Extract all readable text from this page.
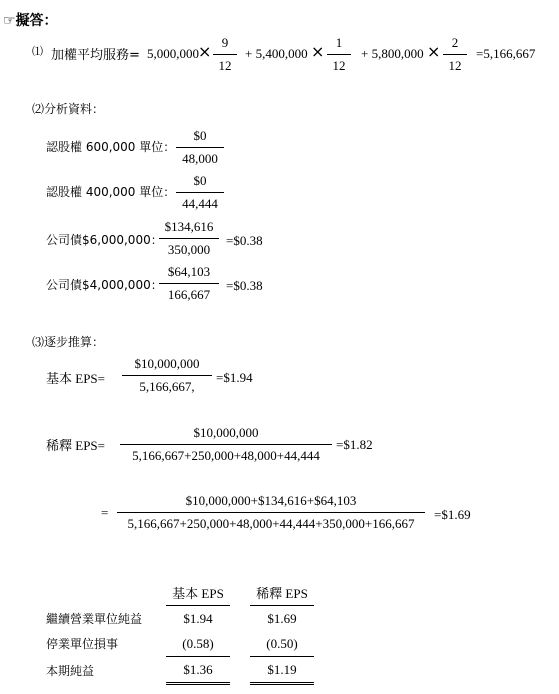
☞擬答：
⑴ 加權平均服務= $5,000,000 \times \frac{9}{12} + 5,400,000 \times \frac{1}{12} + 5,800,000 \times \frac{2}{12} =5,166,667$
⑵分析資料：
認股權 600,000 單位： $\frac{\$0}{48,000}$
認股權 400,000 單位： $\frac{\$0}{44,444}$
公司債$6,000,000：
$\frac{\$134,616}{350,000}$ =$0.38
公司債$4,000,000：
$\frac{\$64,103}{166,667}$ =$0.38
⑶逐步推算：
基本 $EPS= \frac{\$10,000,000}{5,166,667,}$ =$1.94
稀釋 $EPS= \frac{\$10,000,000}{5,166,667+250,000+48,000+44,444}$ =$1.82
= $\frac{\$10,000,000+\$134,616+\$64,103}{5,166,667+250,000+48,000+44,444+350,000+166,667}$ =$1.69
	基本 EPS		稀釋 EPS
繼續營業單位純益	$1.94		$1.69
停業單位損事	(0.58)		(0.50)
本期純益	$1.36		$1.19
